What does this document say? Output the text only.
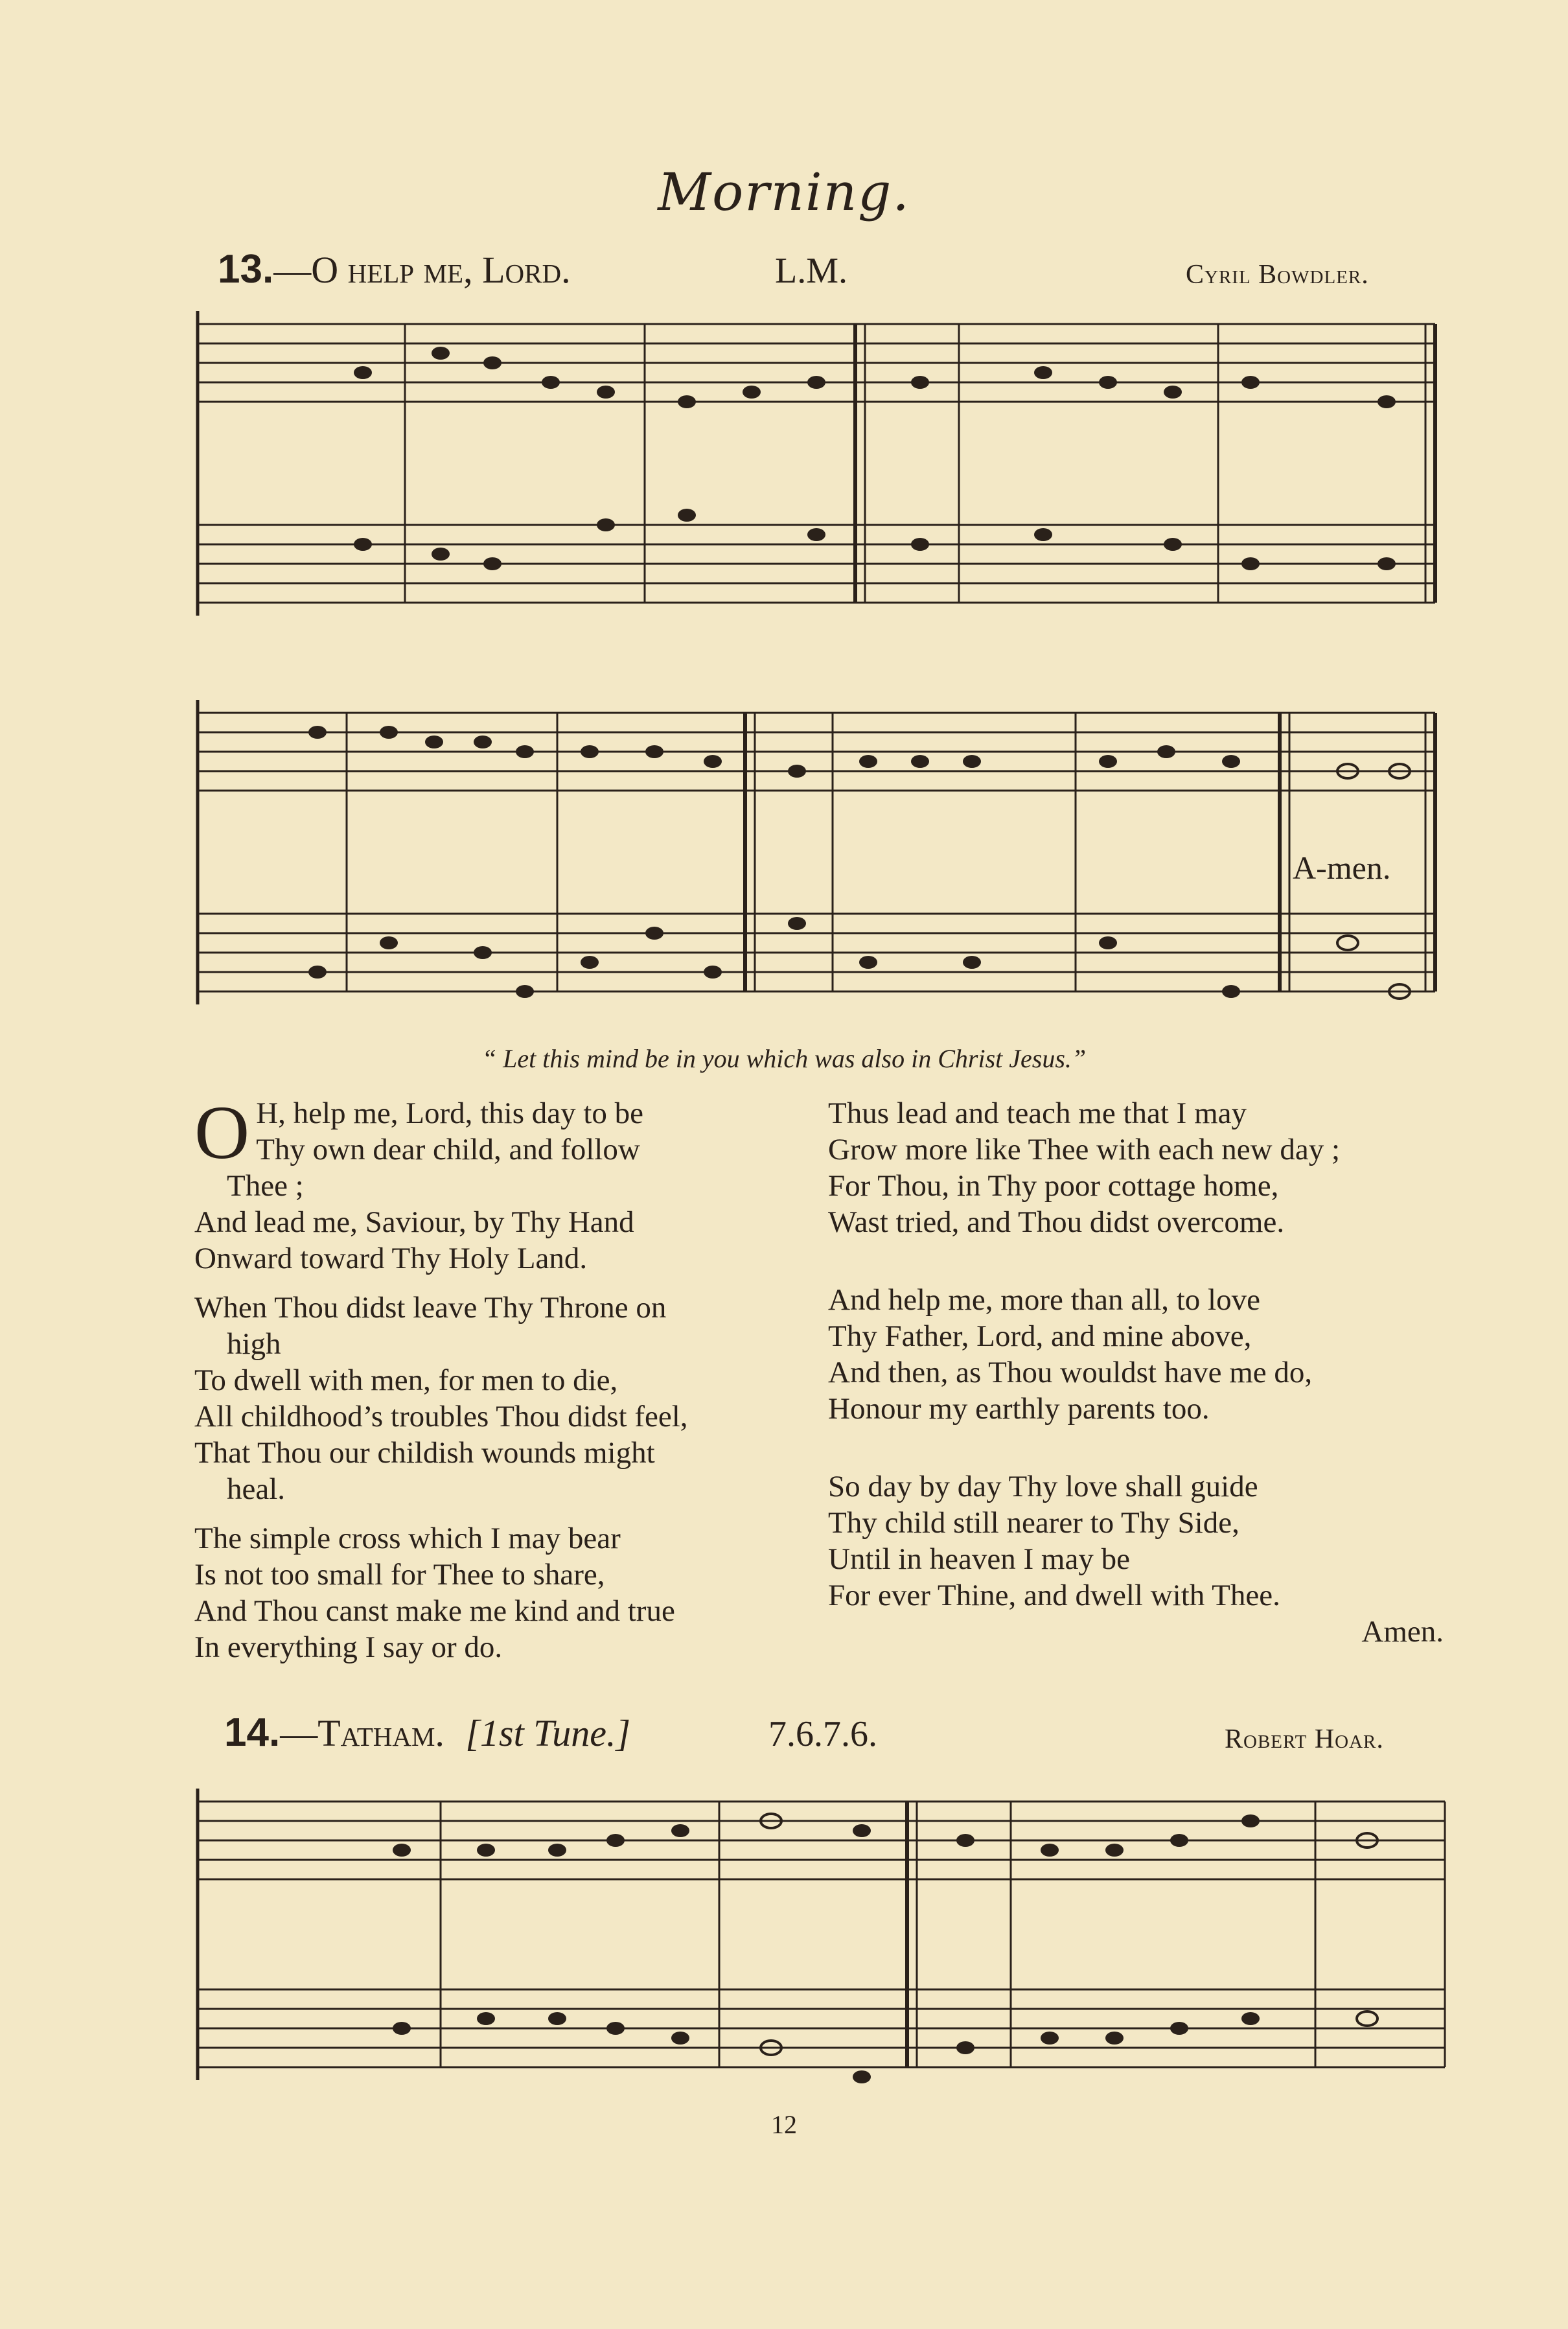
Morning.
13.—O help me, Lord.	L.M.	Cyril Bowdler.
A-men.
“ Let this mind be in you which was also in Christ Jesus.”

O H, help me, Lord, this day to be
Thy own dear child, and follow
Thee ;
And lead me, Saviour, by Thy Hand
Onward toward Thy Holy Land.

When Thou didst leave Thy Throne on
high
To dwell with men, for men to die,
All childhood’s troubles Thou didst feel,
That Thou our childish wounds might
heal.

The simple cross which I may bear
Is not too small for Thee to share,
And Thou canst make me kind and true
In everything I say or do.

Thus lead and teach me that I may
Grow more like Thee with each new day ;
For Thou, in Thy poor cottage home,
Wast tried, and Thou didst overcome.

And help me, more than all, to love
Thy Father, Lord, and mine above,
And then, as Thou wouldst have me do,
Honour my earthly parents too.

So day by day Thy love shall guide
Thy child still nearer to Thy Side,
Until in heaven I may be
For ever Thine, and dwell with Thee.

Amen.
14.—Tatham. [1st Tune.]	7.6.7.6.	Robert Hoar.
12
